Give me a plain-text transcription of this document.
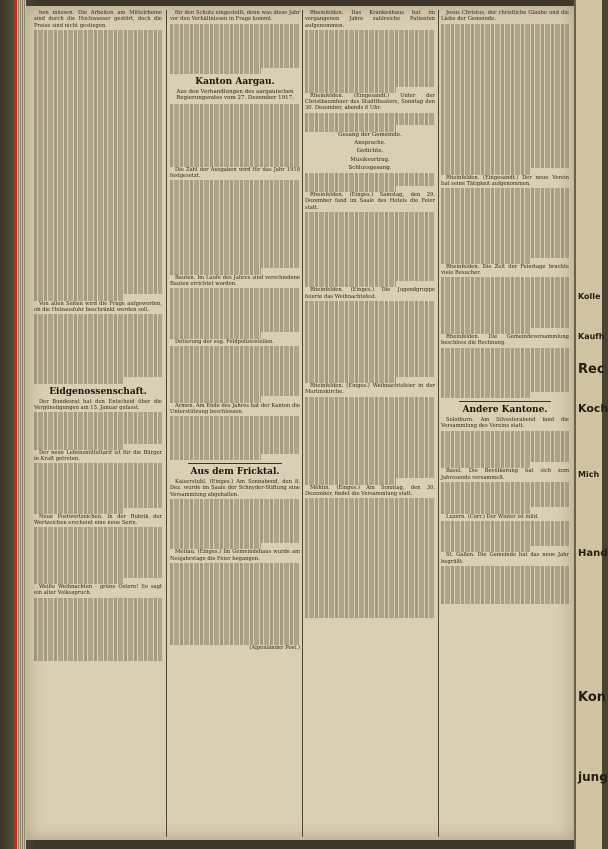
hen müssen. Die Arbeiten am Mittelrheine sind durch die Hochwasser gestört, doch die Preise sind nicht gestiegen.

Von allen Seiten wird die Frage aufgeworfen, ob die Holzausfuhr beschränkt werden soll.

Eidgenossenschaft.

Der Bundesrat hat den Entscheid über die Vergünstigungen am 15. Januar gefasst.

Der neue Lebensmitteltarif ist für die Bürger in Kraft getreten.

Neue Postwertzeichen. In der Rubrik der Wertzeichen erscheint eine neue Serie.

Weiße Weihnachten - grüne Ostern! So sagt ein alter Volksspruch.

für den Schutz eingestellt, denn was diese Jahr vor den Verhältnissen in Frage kommt.

Kanton Aargau.
Aus den Verhandlungen des aargauischen Regierungsrates vom 27. Dezember 1917.

Die Zahl der Ausgaben wird für das Jahr 1918 festgesetzt.

Bauten. Im Laufe des Jahres sind verschiedene Bauten errichtet worden.

Dotierung der sog. Feldpolizeistellen.

Armen. Am Ende des Jahres hat der Kanton die Unterstützung beschlossen.

Aus dem Fricktal.

Kaiserstuhl. (Einges.) Am Sonnabend, den 8. Dez. wurde im Saale der Schnyder-Stiftung eine Versammlung abgehalten.

Mettau. (Einges.) Im Gemeindehaus wurde am Neujahrstage die Feier begangen.

(Alpenländer Post.)

Rheinfelden. Das Krankenhaus hat im vergangenen Jahre zahlreiche Patienten aufgenommen.

Rheinfelden. (Eingesandt.) Unter der Christbaumfeier des Stadttheaters, Sonntag den 30. Dezember, abends 8 Uhr.

Gesang der Gemeinde.
Ansprache.
Gedichte.
Musikvortrag.
Schlussgesang.

Rheinfelden. (Einges.) Samstag, den 29. Dezember fand im Saale des Hotels die Feier statt.

Rheinfelden. (Einges.) Die Jugendgruppe feierte das Weihnachtsfest.

Rheinfelden. (Einges.) Weihnachtsfeier in der Martinskirche.

Möhlin. (Einges.) Am Sonntag, den 30. Dezember, findet die Versammlung statt.

Jesus Christus, der christliche Glaube und die Liebe der Gemeinde.

Rheinfelden. (Eingesandt.) Der neue Verein hat seine Tätigkeit aufgenommen.

Rheinfelden. Die Zeit der Feiertage brachte viele Besucher.

Rheinfelden. Die Gemeindeversammlung beschloss die Rechnung.

Andere Kantone.

Solothurn. Am Silvesterabend fand die Versammlung des Vereins statt.

Basel. Die Bevölkerung hat sich zum Jahresende versammelt.

Luzern. (Corr.) Der Winter ist mild.

St. Gallen. Die Gemeinde hat das neue Jahr begrüßt.

Kolle
Kaufh
Rec
Koch
Mich
Hand
Kon
jung
